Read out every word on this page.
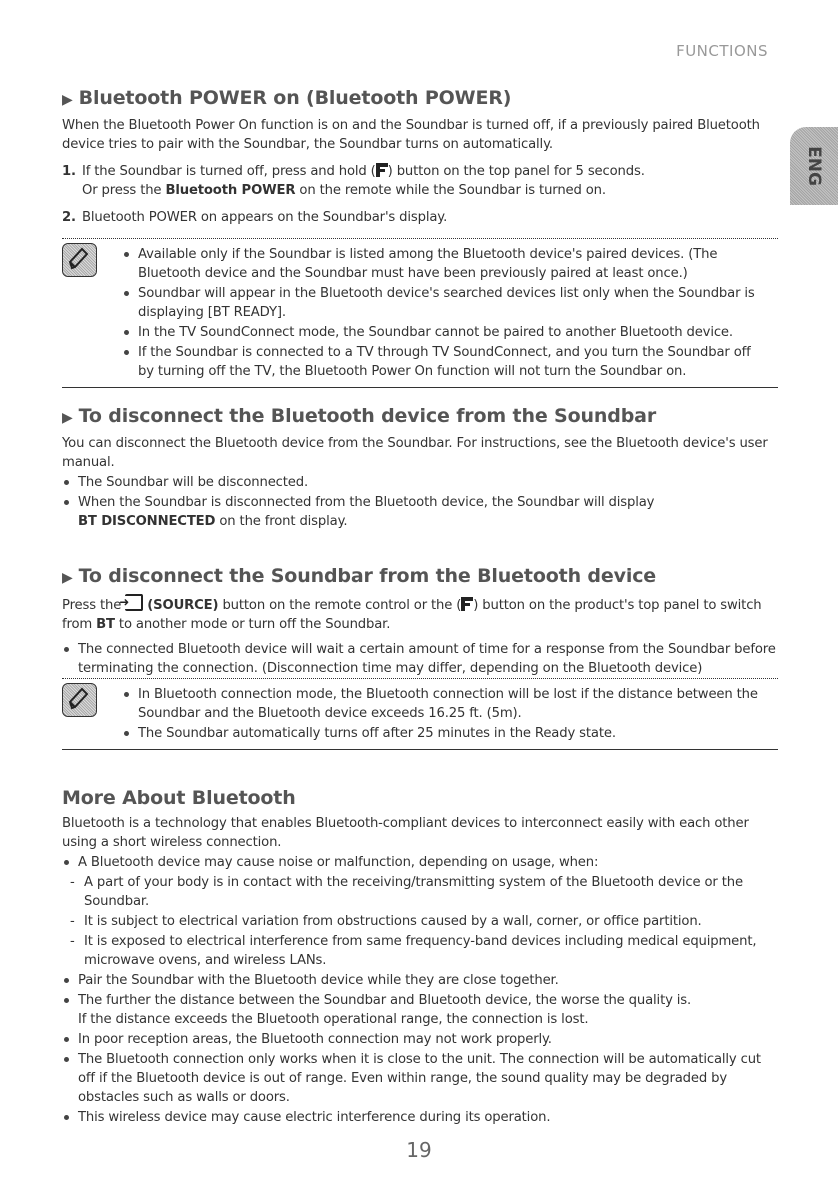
FUNCTIONS
ENG
▶ Bluetooth POWER on (Bluetooth POWER)

When the Bluetooth Power On function is on and the Soundbar is turned off, if a previously paired Bluetooth device tries to pair with the Soundbar, the Soundbar turns on automatically.

1. If the Soundbar is turned off, press and hold ( ) button on the top panel for 5 seconds.
Or press the Bluetooth POWER on the remote while the Soundbar is turned on.
2. Bluetooth POWER on appears on the Soundbar's display.
Available only if the Soundbar is listed among the Bluetooth device's paired devices. (The Bluetooth device and the Soundbar must have been previously paired at least once.)
Soundbar will appear in the Bluetooth device's searched devices list only when the Soundbar is displaying [BT READY].
In the TV SoundConnect mode, the Soundbar cannot be paired to another Bluetooth device.
If the Soundbar is connected to a TV through TV SoundConnect, and you turn the Soundbar off by turning off the TV, the Bluetooth Power On function will not turn the Soundbar on.
▶ To disconnect the Bluetooth device from the Soundbar

You can disconnect the Bluetooth device from the Soundbar. For instructions, see the Bluetooth device's user manual.

The Soundbar will be disconnected.
When the Soundbar is disconnected from the Bluetooth device, the Soundbar will display
BT DISCONNECTED on the front display.
▶ To disconnect the Soundbar from the Bluetooth device

Press the ➜ (SOURCE) button on the remote control or the ( ) button on the product's top panel to switch from BT to another mode or turn off the Soundbar.

The connected Bluetooth device will wait a certain amount of time for a response from the Soundbar before terminating the connection. (Disconnection time may differ, depending on the Bluetooth device)
In Bluetooth connection mode, the Bluetooth connection will be lost if the distance between the Soundbar and the Bluetooth device exceeds 16.25 ft. (5m).
The Soundbar automatically turns off after 25 minutes in the Ready state.
More About Bluetooth

Bluetooth is a technology that enables Bluetooth-compliant devices to interconnect easily with each other using a short wireless connection.

A Bluetooth device may cause noise or malfunction, depending on usage, when:
- A part of your body is in contact with the receiving/transmitting system of the Bluetooth device or the Soundbar.
- It is subject to electrical variation from obstructions caused by a wall, corner, or office partition.
- It is exposed to electrical interference from same frequency-band devices including medical equipment, microwave ovens, and wireless LANs.
Pair the Soundbar with the Bluetooth device while they are close together.
The further the distance between the Soundbar and Bluetooth device, the worse the quality is.
If the distance exceeds the Bluetooth operational range, the connection is lost.
In poor reception areas, the Bluetooth connection may not work properly.
The Bluetooth connection only works when it is close to the unit. The connection will be automatically cut off if the Bluetooth device is out of range. Even within range, the sound quality may be degraded by obstacles such as walls or doors.
This wireless device may cause electric interference during its operation.
19
